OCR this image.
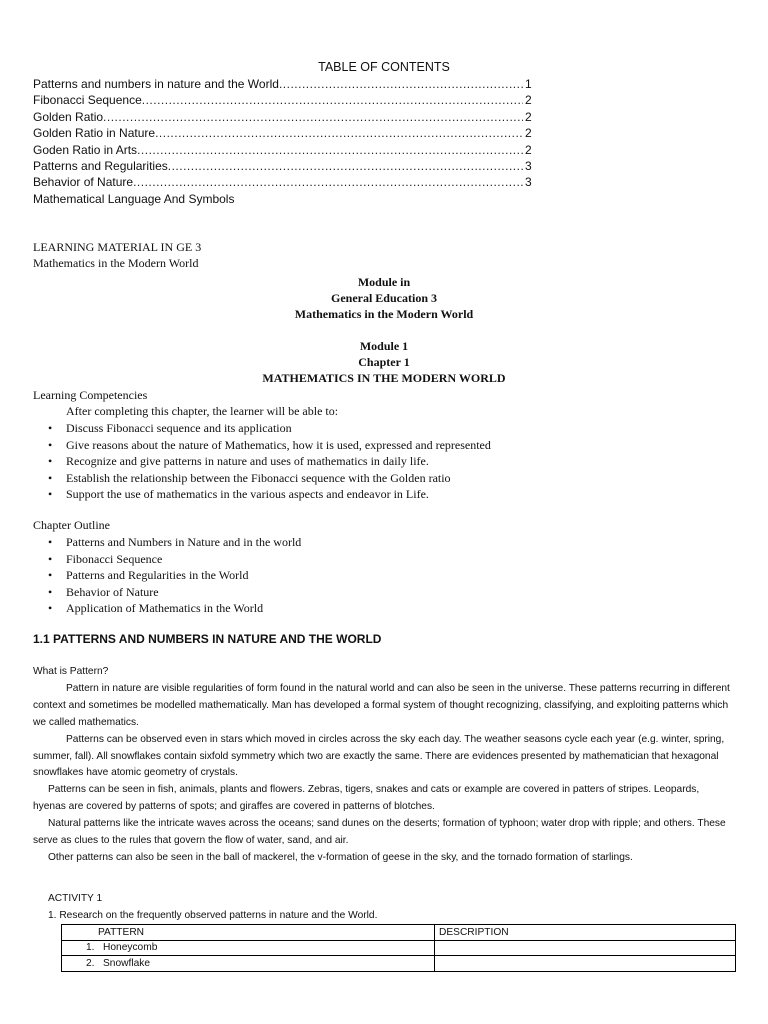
TABLE OF CONTENTS
Patterns and numbers in nature and the World .....	1
Fibonacci Sequence .....	2
Golden Ratio .....	2
Golden Ratio in Nature .....	2
Goden Ratio in Arts .....	2
Patterns and Regularities .....	3
Behavior of Nature .....	3
Mathematical Language And Symbols
LEARNING MATERIAL IN GE 3
Mathematics in the Modern World
Module in
General Education 3
Mathematics in the Modern World
Module 1
Chapter 1
MATHEMATICS IN THE MODERN WORLD
Learning Competencies
After completing this chapter, the learner will be able to:
• Discuss Fibonacci sequence and its application
• Give reasons about the nature of Mathematics, how it is used, expressed and represented
• Recognize and give patterns in nature and uses of mathematics in daily life.
• Establish the relationship between the Fibonacci sequence with the Golden ratio
• Support the use of mathematics in the various aspects and endeavor in Life.
Chapter Outline
• Patterns and Numbers in Nature and in the world
• Fibonacci Sequence
• Patterns and Regularities in the World
• Behavior of Nature
• Application of Mathematics in the World
1.1 PATTERNS AND NUMBERS IN NATURE AND THE WORLD

What is Pattern?

Pattern in nature are visible regularities of form found in the natural world and can also be seen in the universe. These patterns recurring in different context and sometimes be modelled mathematically. Man has developed a formal system of thought recognizing, classifying, and exploiting patterns which we called mathematics.

Patterns can be observed even in stars which moved in circles across the sky each day. The weather seasons cycle each year (e.g. winter, spring, summer, fall). All snowflakes contain sixfold symmetry which two are exactly the same. There are evidences presented by mathematician that hexagonal snowflakes have atomic geometry of crystals.

Patterns can be seen in fish, animals, plants and flowers. Zebras, tigers, snakes and cats or example are covered in patters of stripes. Leopards, hyenas are covered by patterns of spots; and giraffes are covered in patterns of blotches.

Natural patterns like the intricate waves across the oceans; sand dunes on the deserts; formation of typhoon; water drop with ripple; and others. These serve as clues to the rules that govern the flow of water, sand, and air.

Other patterns can also be seen in the ball of mackerel, the v-formation of geese in the sky, and the tornado formation of starlings.

ACTIVITY 1
1. Research on the frequently observed patterns in nature and the World.
PATTERN	DESCRIPTION
1. Honeycomb	
2. Snowflake	
